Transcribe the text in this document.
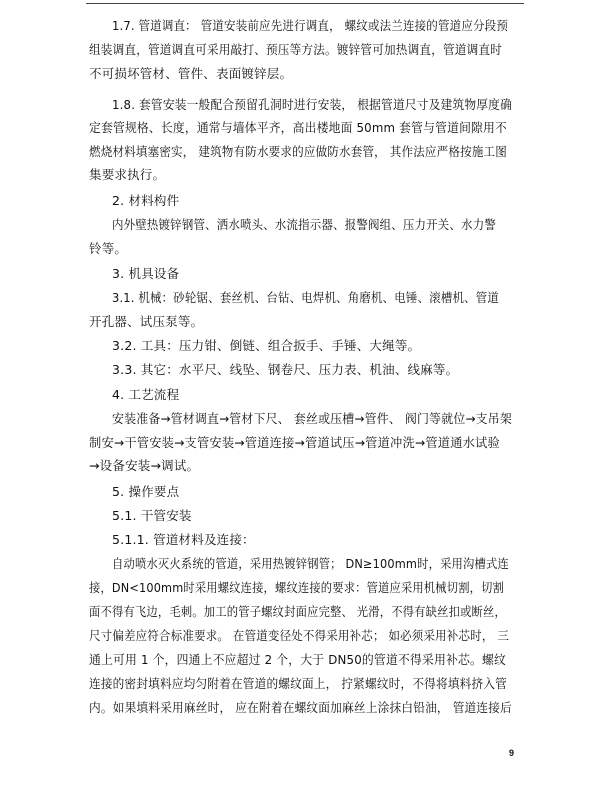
1.7. 管道调直： 管道安装前应先进行调直， 螺纹或法兰连接的管道应分段预
组装调直，管道调直可采用敲打、预压等方法。镀锌管可加热调直，管道调直时
不可损坏管材、管件、表面镀锌层。
1.8. 套管安装一般配合预留孔洞时进行安装， 根据管道尺寸及建筑物厚度确
定套管规格、长度，通常与墙体平齐，高出楼地面 50mm 套管与管道间隙用不
燃烧材料填塞密实， 建筑物有防水要求的应做防水套管， 其作法应严格按施工图
集要求执行。
2. 材料构件
内外壁热镀锌钢管、洒水喷头、水流指示器、报警阀组、压力开关、水力警
铃等。
3. 机具设备
3.1. 机械：砂轮锯、套丝机、台钻、电焊机、角磨机、电锤、滚槽机、管道
开孔器、试压泵等。
3.2. 工具：压力钳、倒链、组合扳手、手锤、大绳等。
3.3. 其它：水平尺、线坠、钢卷尺、压力表、机油、线麻等。
4. 工艺流程
安装准备→管材调直→管材下尺、 套丝或压槽→管件、 阀门等就位→支吊架
制安→干管安装→支管安装→管道连接→管道试压→管道冲洗→管道通水试验
→设备安装→调试。
5. 操作要点
5.1. 干管安装
5.1.1. 管道材料及连接：
自动喷水灭火系统的管道，采用热镀锌钢管； DN≥100mm时，采用沟槽式连
接，DN<100mm时采用螺纹连接，螺纹连接的要求：管道应采用机械切割，切割
面不得有飞边，毛刺。加工的管子螺纹封面应完整、 光滑，不得有缺丝扣或断丝，
尺寸偏差应符合标准要求。 在管道变径处不得采用补芯； 如必须采用补芯时， 三
通上可用 1 个，四通上不应超过 2 个，大于 DN50的管道不得采用补芯。螺纹
连接的密封填料应均匀附着在管道的螺纹面上， 拧紧螺纹时，不得将填料挤入管
内。如果填料采用麻丝时， 应在附着在螺纹面加麻丝上涂抹白铅油， 管道连接后
9
